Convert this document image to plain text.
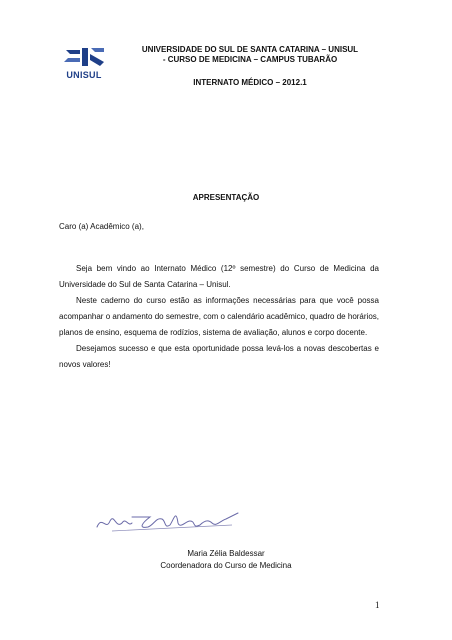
UNISUL
UNIVERSIDADE DO SUL DE SANTA CATARINA – UNISUL
- CURSO DE MEDICINA – CAMPUS TUBARÃO
INTERNATO MÉDICO – 2012.1
APRESENTAÇÃO
Caro (a) Acadêmico (a),
Seja bem vindo ao Internato Médico (12º semestre) do Curso de Medicina da Universidade do Sul de Santa Catarina – Unisul.
Neste caderno do curso estão as informações necessárias para que você possa acompanhar o andamento do semestre, com o calendário acadêmico, quadro de horários, planos de ensino, esquema de rodízios, sistema de avaliação, alunos e corpo docente.
Desejamos sucesso e que esta oportunidade possa levá-los a novas descobertas e novos valores!
Maria Zélia Baldessar
Coordenadora do Curso de Medicina
1
